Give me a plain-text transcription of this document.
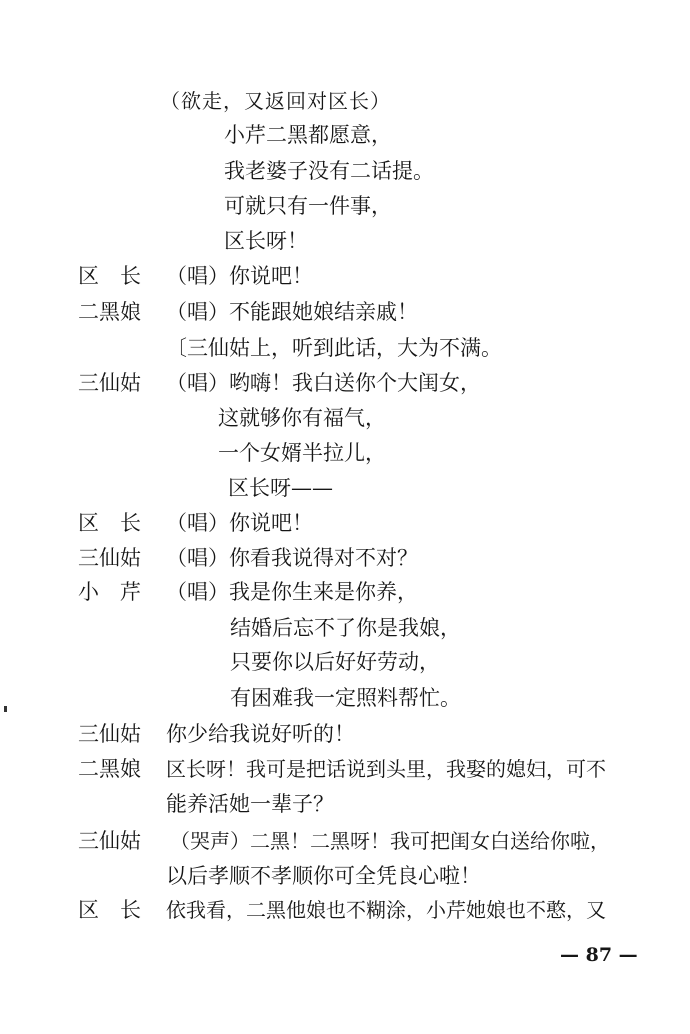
（欲走，又返回对区长）
小芹二黑都愿意，
我老婆子没有二话提。
可就只有一件事，
区长呀！
区　长	（唱）你说吧！
二黑娘	（唱）不能跟她娘结亲戚！
〔三仙姑上，听到此话，大为不满。
三仙姑	（唱）哟嗨！我白送你个大闺女，
这就够你有福气，
一个女婿半拉儿，
区长呀——
区　长	（唱）你说吧！
三仙姑	（唱）你看我说得对不对？
小　芹	（唱）我是你生来是你养，
结婚后忘不了你是我娘，
只要你以后好好劳动，
有困难我一定照料帮忙。
三仙姑	你少给我说好听的！
二黑娘	区长呀！我可是把话说到头里，我娶的媳妇，可不
能养活她一辈子？
三仙姑	（哭声）二黑！二黑呀！我可把闺女白送给你啦，
以后孝顺不孝顺你可全凭良心啦！
区　长	依我看，二黑他娘也不糊涂，小芹她娘也不憨，又
— 87 —
